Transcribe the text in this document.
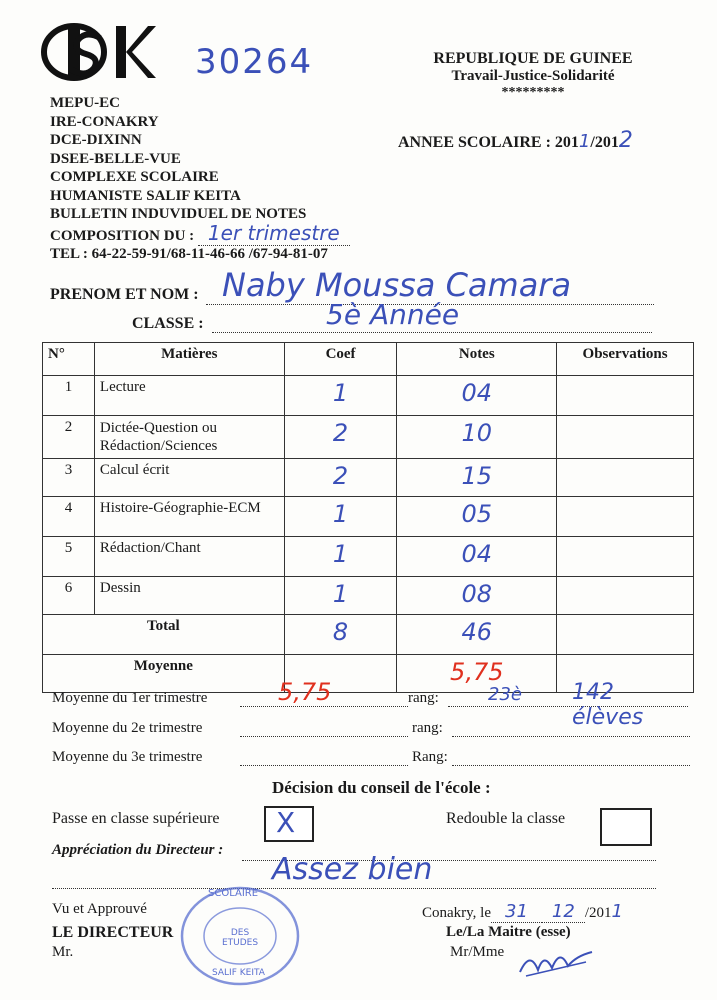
30264
MEPU-EC
IRE-CONAKRY
DCE-DIXINN
DSEE-BELLE-VUE
COMPLEXE SCOLAIRE
HUMANISTE SALIF KEITA
BULLETIN INDUVIDUEL DE NOTES
COMPOSITION DU : 1er trimestre
TEL : 64-22-59-91/68-11-46-66 /67-94-81-07
REPUBLIQUE DE GUINEE
Travail-Justice-Solidarité
*********
ANNEE SCOLAIRE : 2011/2012
PRENOM ET NOM : Naby Moussa Camara
CLASSE :	5è Année
N°	Matières	Coef	Notes	Observations
1	Lecture	1	04	
2	Dictée-Question ou
Rédaction/Sciences	2	10	
3	Calcul écrit	2	15	
4	Histoire-Géographie-ECM	1	05	
5	Rédaction/Chant	1	04	
6	Dessin	1	08	
Total		8	46	
Moyenne			5,75	
Moyenne du 1er trimestre	5,75	rang:	23è 142 élèves
Moyenne du 2e trimestre	rang:
Moyenne du 3e trimestre	Rang:
Décision du conseil de l'école :
Passe en classe supérieure X	Redouble la classe
Appréciation du Directeur :
Assez bien
Vu et Approuvé
LE DIRECTEUR
Mr.
SCOLAIRE
DES ETUDES
SALIF KEITA
Conakry, le 31 12 /2011
Le/La Maitre (esse)
Mr/Mme
